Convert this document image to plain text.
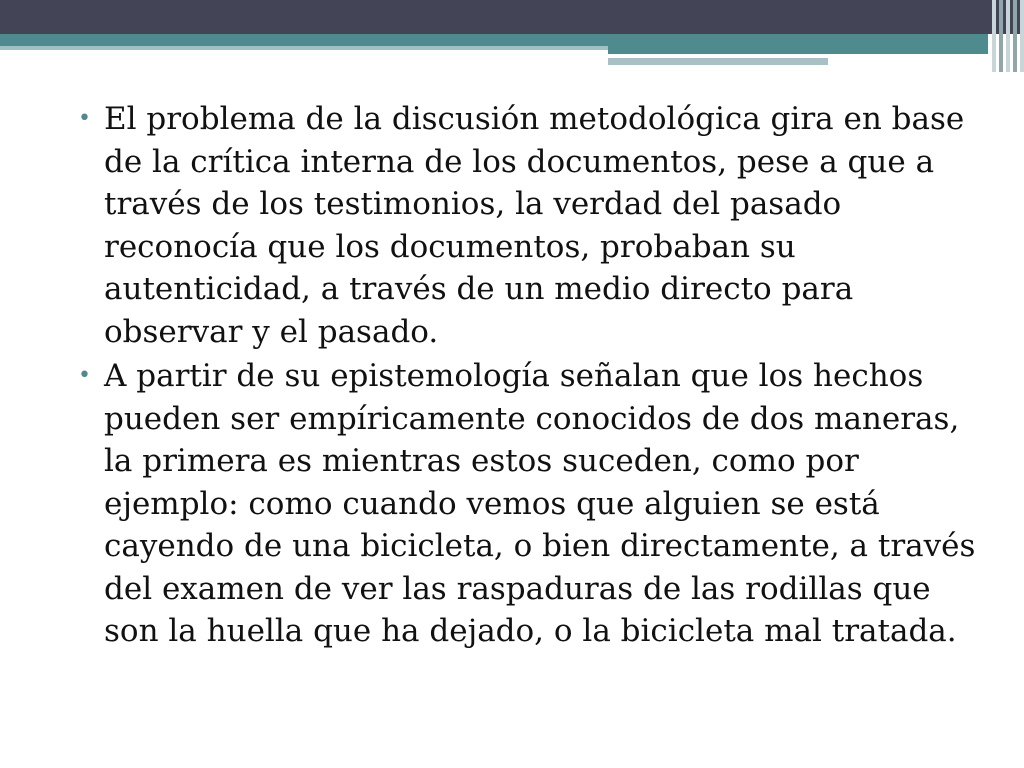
• El problema de la discusión metodológica gira en base de la crítica interna de los documentos, pese a que a través de los testimonios, la verdad del pasado reconocía que los documentos, probaban su autenticidad, a través de un medio directo para observar y el pasado.
• A partir de su epistemología señalan que los hechos pueden ser empíricamente conocidos de dos maneras, la primera es mientras estos suceden, como por ejemplo: como cuando vemos que alguien se está cayendo de una bicicleta, o bien directamente, a través del examen de ver las raspaduras de las rodillas que son la huella que ha dejado, o la bicicleta mal tratada.
